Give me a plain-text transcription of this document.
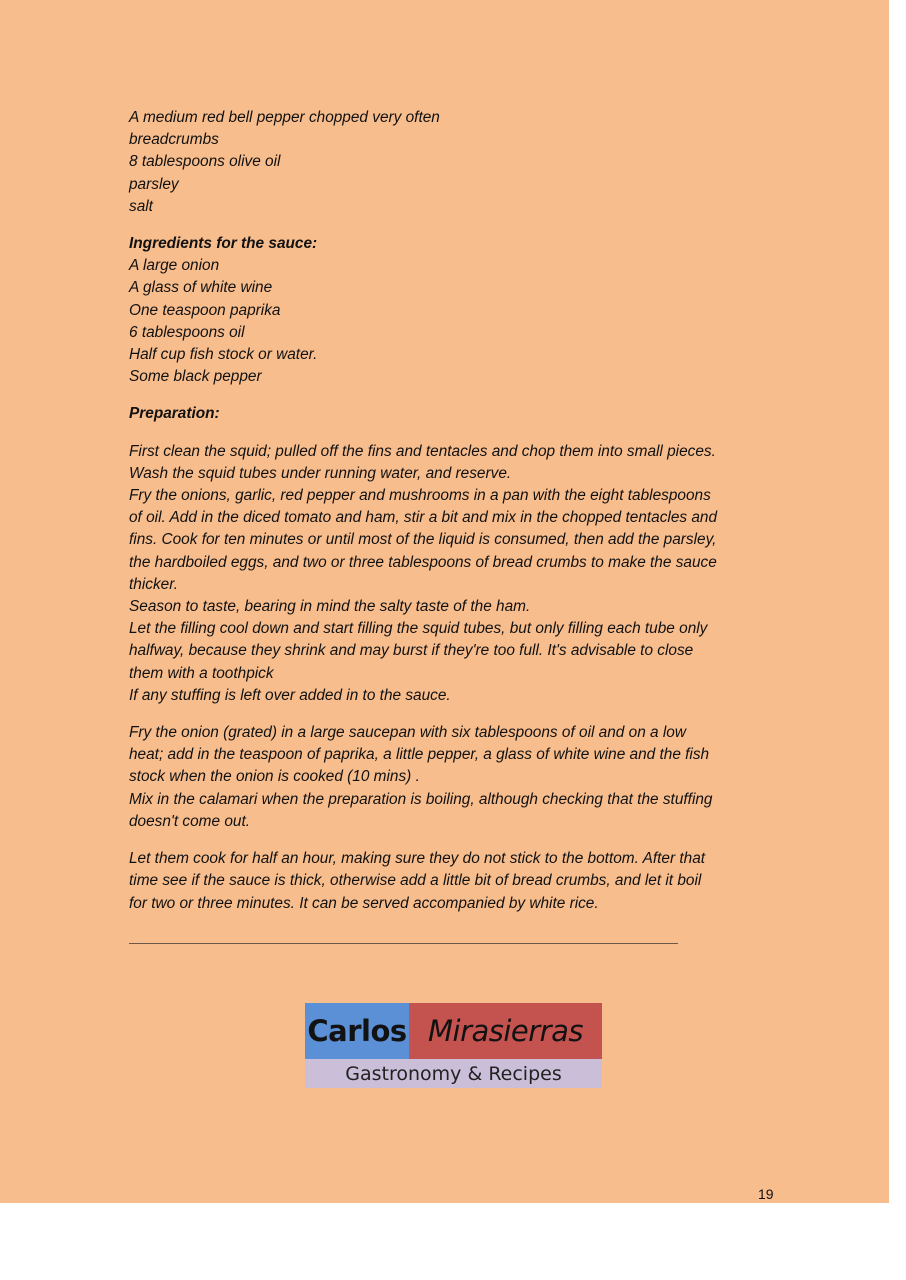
A medium red bell pepper chopped very often
breadcrumbs
8 tablespoons olive oil
parsley
salt

Ingredients for the sauce:
A large onion
A glass of white wine
One teaspoon paprika
6 tablespoons oil
Half cup fish stock or water.
Some black pepper

Preparation:

First clean the squid; pulled off the fins and tentacles and chop them into small pieces.
Wash the squid tubes under running water, and reserve.
Fry the onions, garlic, red pepper and mushrooms in a pan with the eight tablespoons
of oil. Add in the diced tomato and ham, stir a bit and mix in the chopped tentacles and
fins. Cook for ten minutes or until most of the liquid is consumed, then add the parsley,
the hardboiled eggs, and two or three tablespoons of bread crumbs to make the sauce
thicker.
Season to taste, bearing in mind the salty taste of the ham.
Let the filling cool down and start filling the squid tubes, but only filling each tube only
halfway, because they shrink and may burst if they're too full. It's advisable to close
them with a toothpick
If any stuffing is left over added in to the sauce.

Fry the onion (grated) in a large saucepan with six tablespoons of oil and on a low
heat; add in the teaspoon of paprika, a little pepper, a glass of white wine and the fish
stock when the onion is cooked (10 mins) .
Mix in the calamari when the preparation is boiling, although checking that the stuffing
doesn't come out.

Let them cook for half an hour, making sure they do not stick to the bottom. After that
time see if the sauce is thick, otherwise add a little bit of bread crumbs, and let it boil
for two or three minutes. It can be served accompanied by white rice.

Carlos Mirasierras
Gastronomy & Recipes
19
